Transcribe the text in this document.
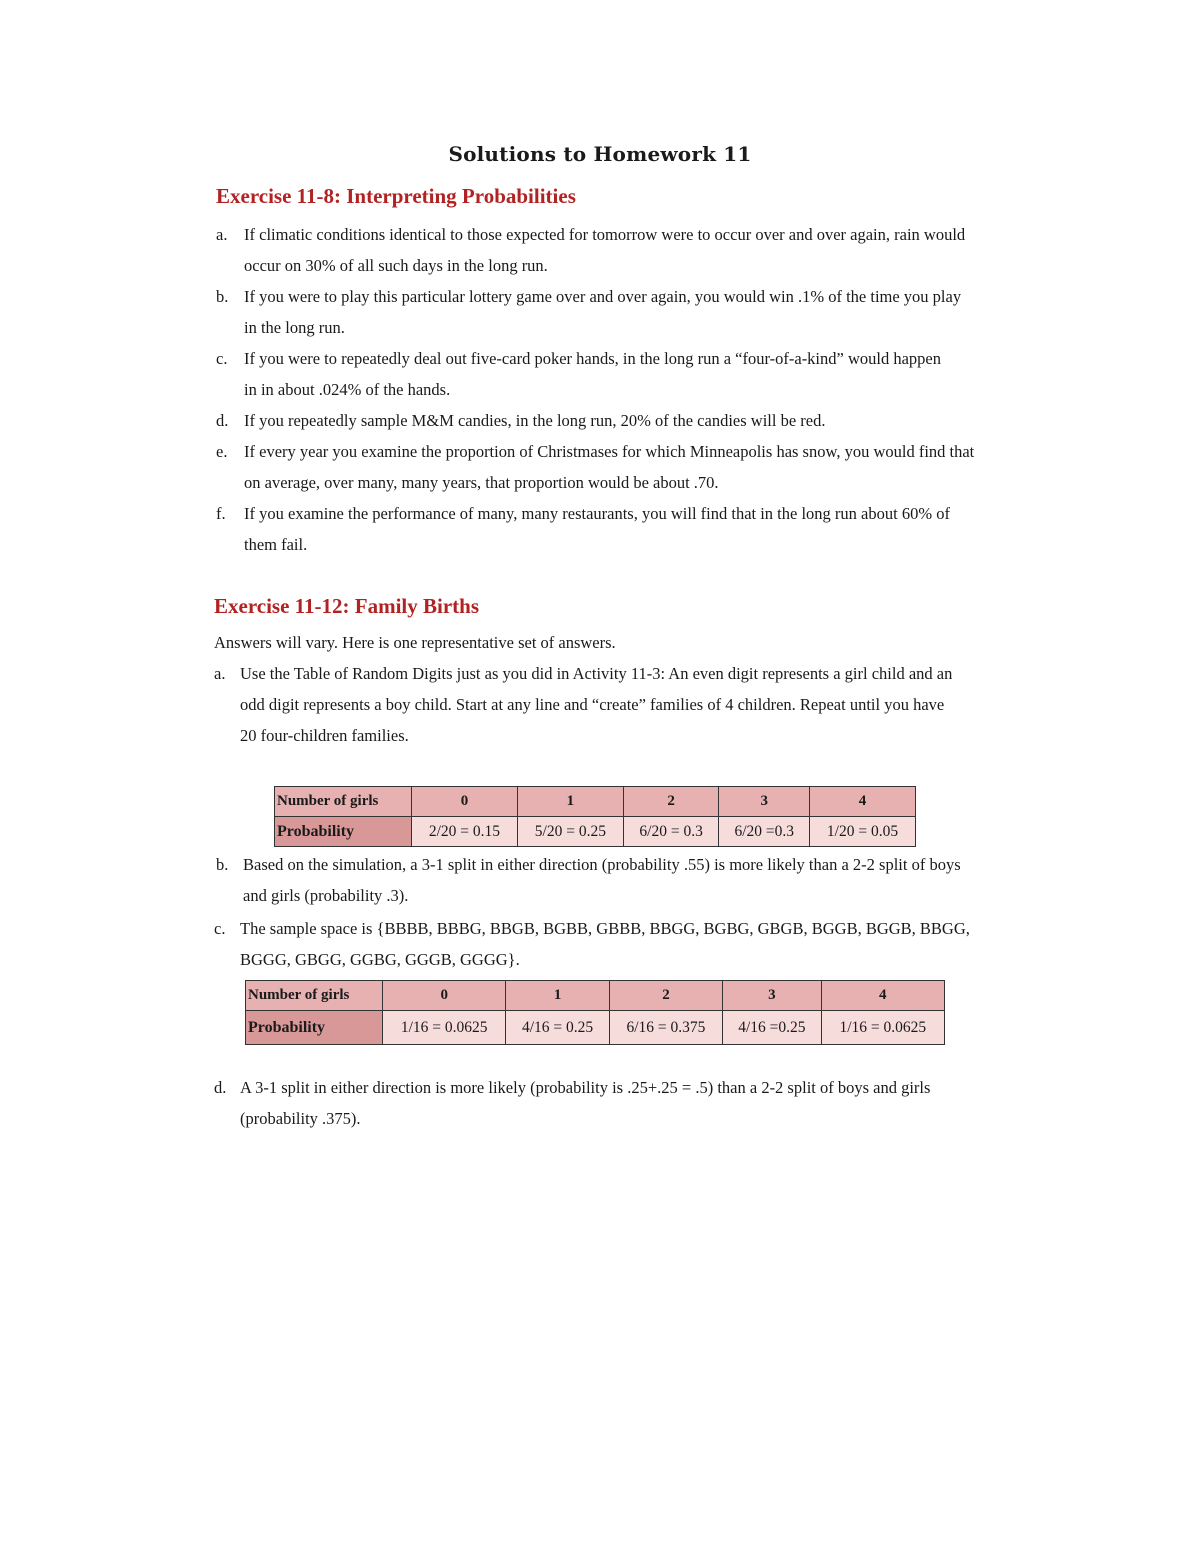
Solutions to Homework 11
Exercise 11-8: Interpreting Probabilities
a.	If climatic conditions identical to those expected for tomorrow were to occur over and over again, rain would occur on 30% of all such days in the long run.
b. If you were to play this particular lottery game over and over again, you would win .1% of the time you play in the long run.
c.	If you were to repeatedly deal out five-card poker hands, in the long run a “four-of-a-kind” would happen in in about .024% of the hands.
d. If you repeatedly sample M&M candies, in the long run, 20% of the candies will be red.
e.	If every year you examine the proportion of Christmases for which Minneapolis has snow, you would find that on average, over many, many years, that proportion would be about .70.
f.	If you examine the performance of many, many restaurants, you will find that in the long run about 60% of them fail.
Exercise 11-12: Family Births
Answers will vary. Here is one representative set of answers.
a. Use the Table of Random Digits just as you did in Activity 11-3: An even digit represents a girl child and an odd digit represents a boy child. Start at any line and “create” families of 4 children. Repeat until you have 20 four-children families.
Number of girls	0	1	2	3	4
Probability	2/20 = 0.15	5/20 = 0.25	6/20 = 0.3	6/20 =0.3	1/20 = 0.05
b. Based on the simulation, a 3-1 split in either direction (probability .55) is more likely than a 2-2 split of boys and girls (probability .3).
c. The sample space is {BBBB, BBBG, BBGB, BGBB, GBBB, BBGG, BGBG, GBGB, BGGB, BGGB, BBGG, BGGG, GBGG, GGBG, GGGB, GGGG}.
Number of girls	0	1	2	3	4
Probability	1/16 = 0.0625	4/16 = 0.25	6/16 = 0.375	4/16 =0.25	1/16 = 0.0625
d. A 3-1 split in either direction is more likely (probability is .25+.25 = .5) than a 2-2 split of boys and girls (probability .375).
